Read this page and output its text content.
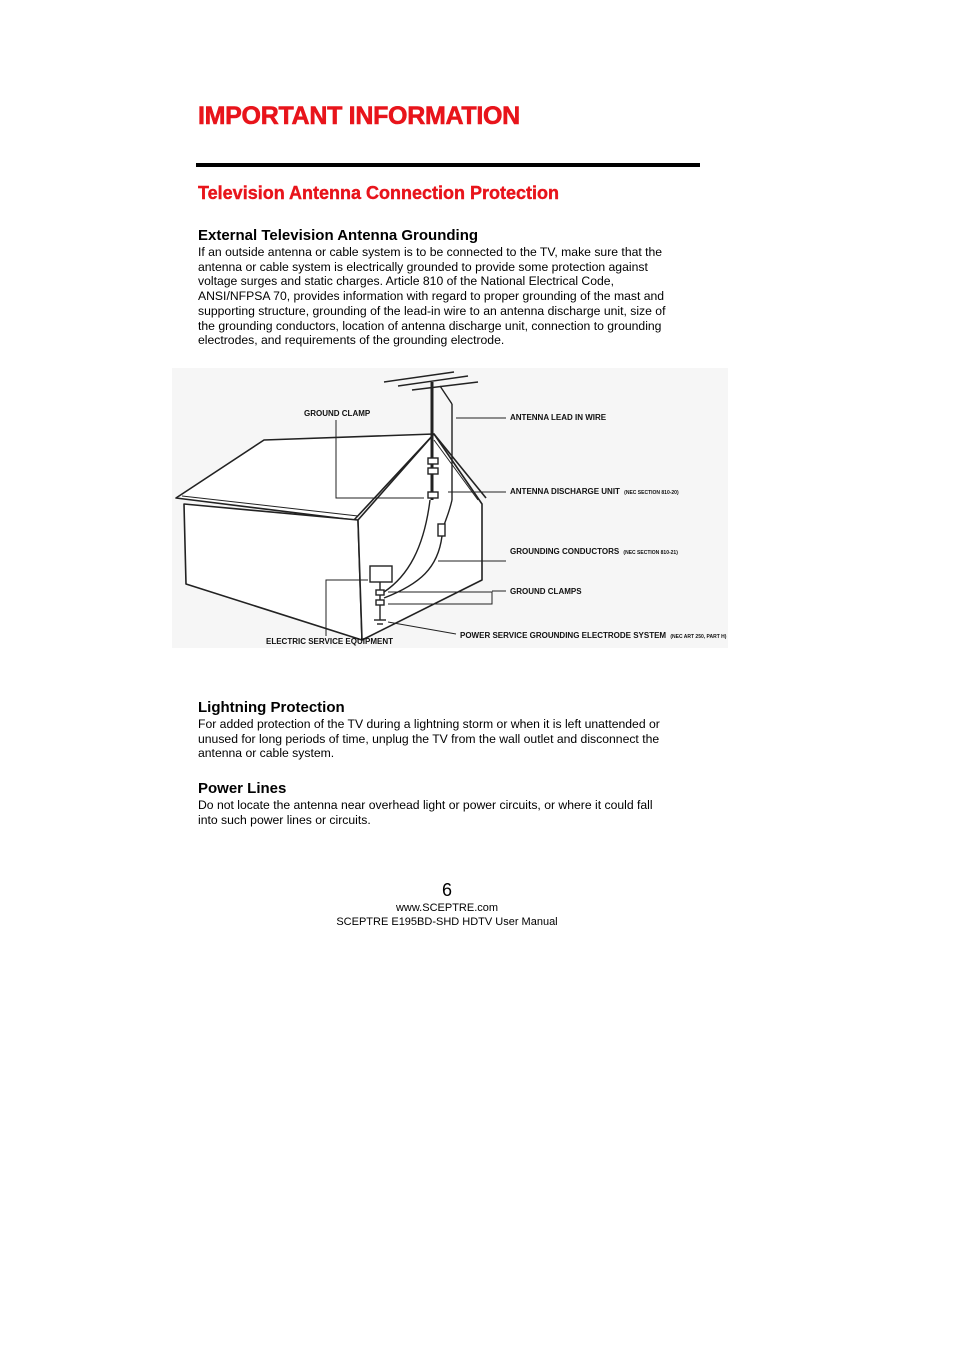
IMPORTANT INFORMATION
Television Antenna Connection Protection
External Television Antenna Grounding
If an outside antenna or cable system is to be connected to the TV, make sure that the
antenna or cable system is electrically grounded to provide some protection against
voltage surges and static charges. Article 810 of the National Electrical Code,
ANSI/NFPSA 70, provides information with regard to proper grounding of the mast and
supporting structure, grounding of the lead-in wire to an antenna discharge unit, size of
the grounding conductors, location of antenna discharge unit, connection to grounding
electrodes, and requirements of the grounding electrode.
GROUND CLAMP	ANTENNA LEAD IN WIRE
ANTENNA DISCHARGE UNIT (NEC SECTION 810-20)
GROUNDING CONDUCTORS (NEC SECTION 810-21)
GROUND CLAMPS
ELECTRIC SERVICE EQUIPMENT
POWER SERVICE GROUNDING ELECTRODE SYSTEM (NEC ART 250, PART H)
Lightning Protection
For added protection of the TV during a lightning storm or when it is left unattended or
unused for long periods of time, unplug the TV from the wall outlet and disconnect the
antenna or cable system.
Power Lines
Do not locate the antenna near overhead light or power circuits, or where it could fall
into such power lines or circuits.
6
www.SCEPTRE.com
SCEPTRE E195BD-SHD HDTV User Manual
